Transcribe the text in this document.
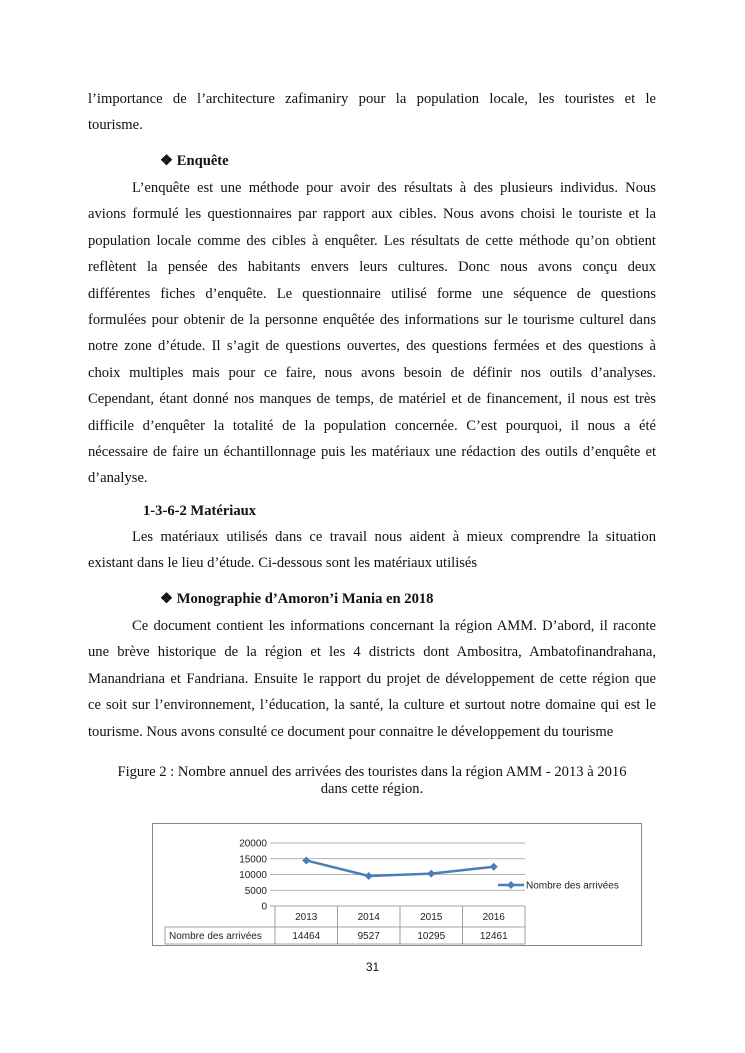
l’importance de l’architecture zafimaniry pour la population locale, les touristes et le
tourisme.
❖ Enquête
L’enquête est une méthode pour avoir des résultats à des plusieurs individus. Nous
avions formulé les questionnaires par rapport aux cibles. Nous avons choisi le touriste et la
population locale comme des cibles à enquêter. Les résultats de cette méthode qu’on obtient
reflètent la pensée des habitants envers leurs cultures. Donc nous avons conçu deux
différentes fiches d’enquête. Le questionnaire utilisé forme une séquence de questions
formulées pour obtenir de la personne enquêtée des informations sur le tourisme culturel dans
notre zone d’étude. Il s’agit de questions ouvertes, des questions fermées et des questions à
choix multiples mais pour ce faire, nous avons besoin de définir nos outils d’analyses.
Cependant, étant donné nos manques de temps, de matériel et de financement, il nous est très
difficile d’enquêter la totalité de la population concernée. C’est pourquoi, il nous a été
nécessaire de faire un échantillonnage puis les matériaux une rédaction des outils d’enquête et
d’analyse.
1-3-6-2 Matériaux
Les matériaux utilisés dans ce travail nous aident à mieux comprendre la situation
existant dans le lieu d’étude. Ci-dessous sont les matériaux utilisés
❖ Monographie d’Amoron’i Mania en 2018
Ce document contient les informations concernant la région AMM. D’abord, il raconte
une brève historique de la région et les 4 districts dont Ambositra, Ambatofinandrahana,
Manandriana et Fandriana. Ensuite le rapport du projet de développement de cette région que
ce soit sur l’environnement, l’éducation, la santé, la culture et surtout notre domaine qui est le
tourisme. Nous avons consulté ce document pour connaitre le développement du tourisme
Figure 2 : Nombre annuel des arrivées des touristes dans la région AMM - 2013 à 2016
dans cette région.
0
5000
10000
15000
20000
Nombre des arrivées
2013
14464
2014
9527
2015
10295
2016
12461
Nombre des arrivées
31
